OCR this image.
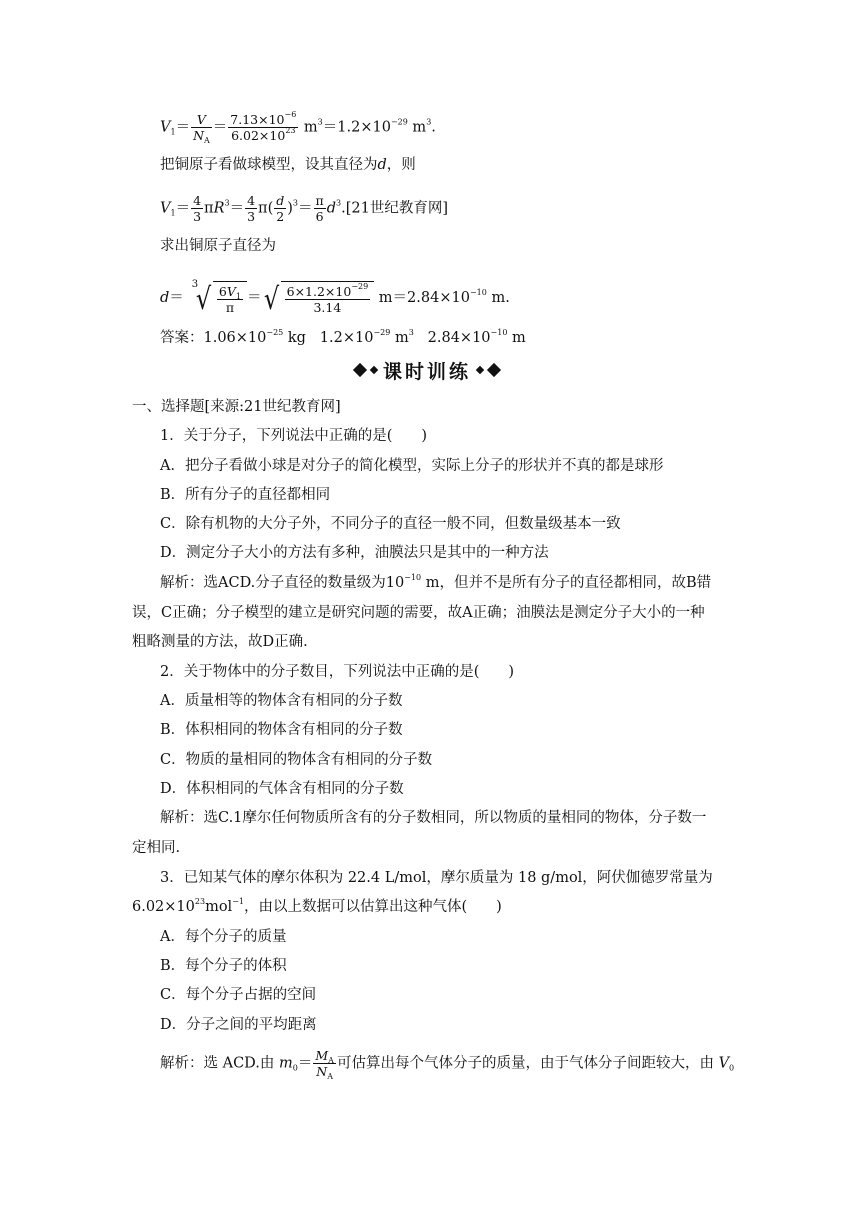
$V_1= \frac{V}{N_A} = \frac{7.13\times 10^{-6}}{6.02\times 10^{23}} m^3=1.2\times 10^{-29}$ $m^3$.
把铜原子看做球模型，设其直径为d，则
$V_1= \frac{4}{3} \pi R^3= \frac{4}{3} \pi( \frac{d}{2} )^3= \frac{\pi}{6} d^3.[21$世纪教育网]
求出铜原子直径为
d＝
3
√ $\frac{6V_1}{\pi}$ ＝√ $\frac{6\times 1.2\times 10^{-29}}{3.14} m=2.84\times 10^{-10}$ m.
答案：$1.06\times 10^{-25}$ kg $1.2\times 10^{-29}$ $m^3$ $2.84\times 10^{-10}$ m
课时训练
一、选择题[来源:21世纪教育网]
1．关于分子，下列说法中正确的是(　　)
A．把分子看做小球是对分子的简化模型，实际上分子的形状并不真的都是球形
B．所有分子的直径都相同
C．除有机物的大分子外，不同分子的直径一般不同，但数量级基本一致
D．测定分子大小的方法有多种，油膜法只是其中的一种方法
解析：选ACD.分子直径的数量级为$10^{-10}$ m，但并不是所有分子的直径都相同，故B错
误，C正确；分子模型的建立是研究问题的需要，故A正确；油膜法是测定分子大小的一种
粗略测量的方法，故D正确.
2．关于物体中的分子数目，下列说法中正确的是(　　)
A．质量相等的物体含有相同的分子数
B．体积相同的物体含有相同的分子数
C．物质的量相同的物体含有相同的分子数
D．体积相同的气体含有相同的分子数
解析：选C.1摩尔任何物质所含有的分子数相同，所以物质的量相同的物体，分子数一
定相同.
3．已知某气体的摩尔体积为 22.4 L/mol，摩尔质量为 18 g/mol，阿伏伽德罗常量为
$6.02\times 10^{23}mol^{-1}$，由以上数据可以估算出这种气体(　　)
A．每个分子的质量
B．每个分子的体积
C．每个分子占据的空间
D．分子之间的平均距离
解析：选 ACD.由 $m_0= \frac{M_A}{N_A}$ 可估算出每个气体分子的质量，由于气体分子间距较大，由 $V_0$
